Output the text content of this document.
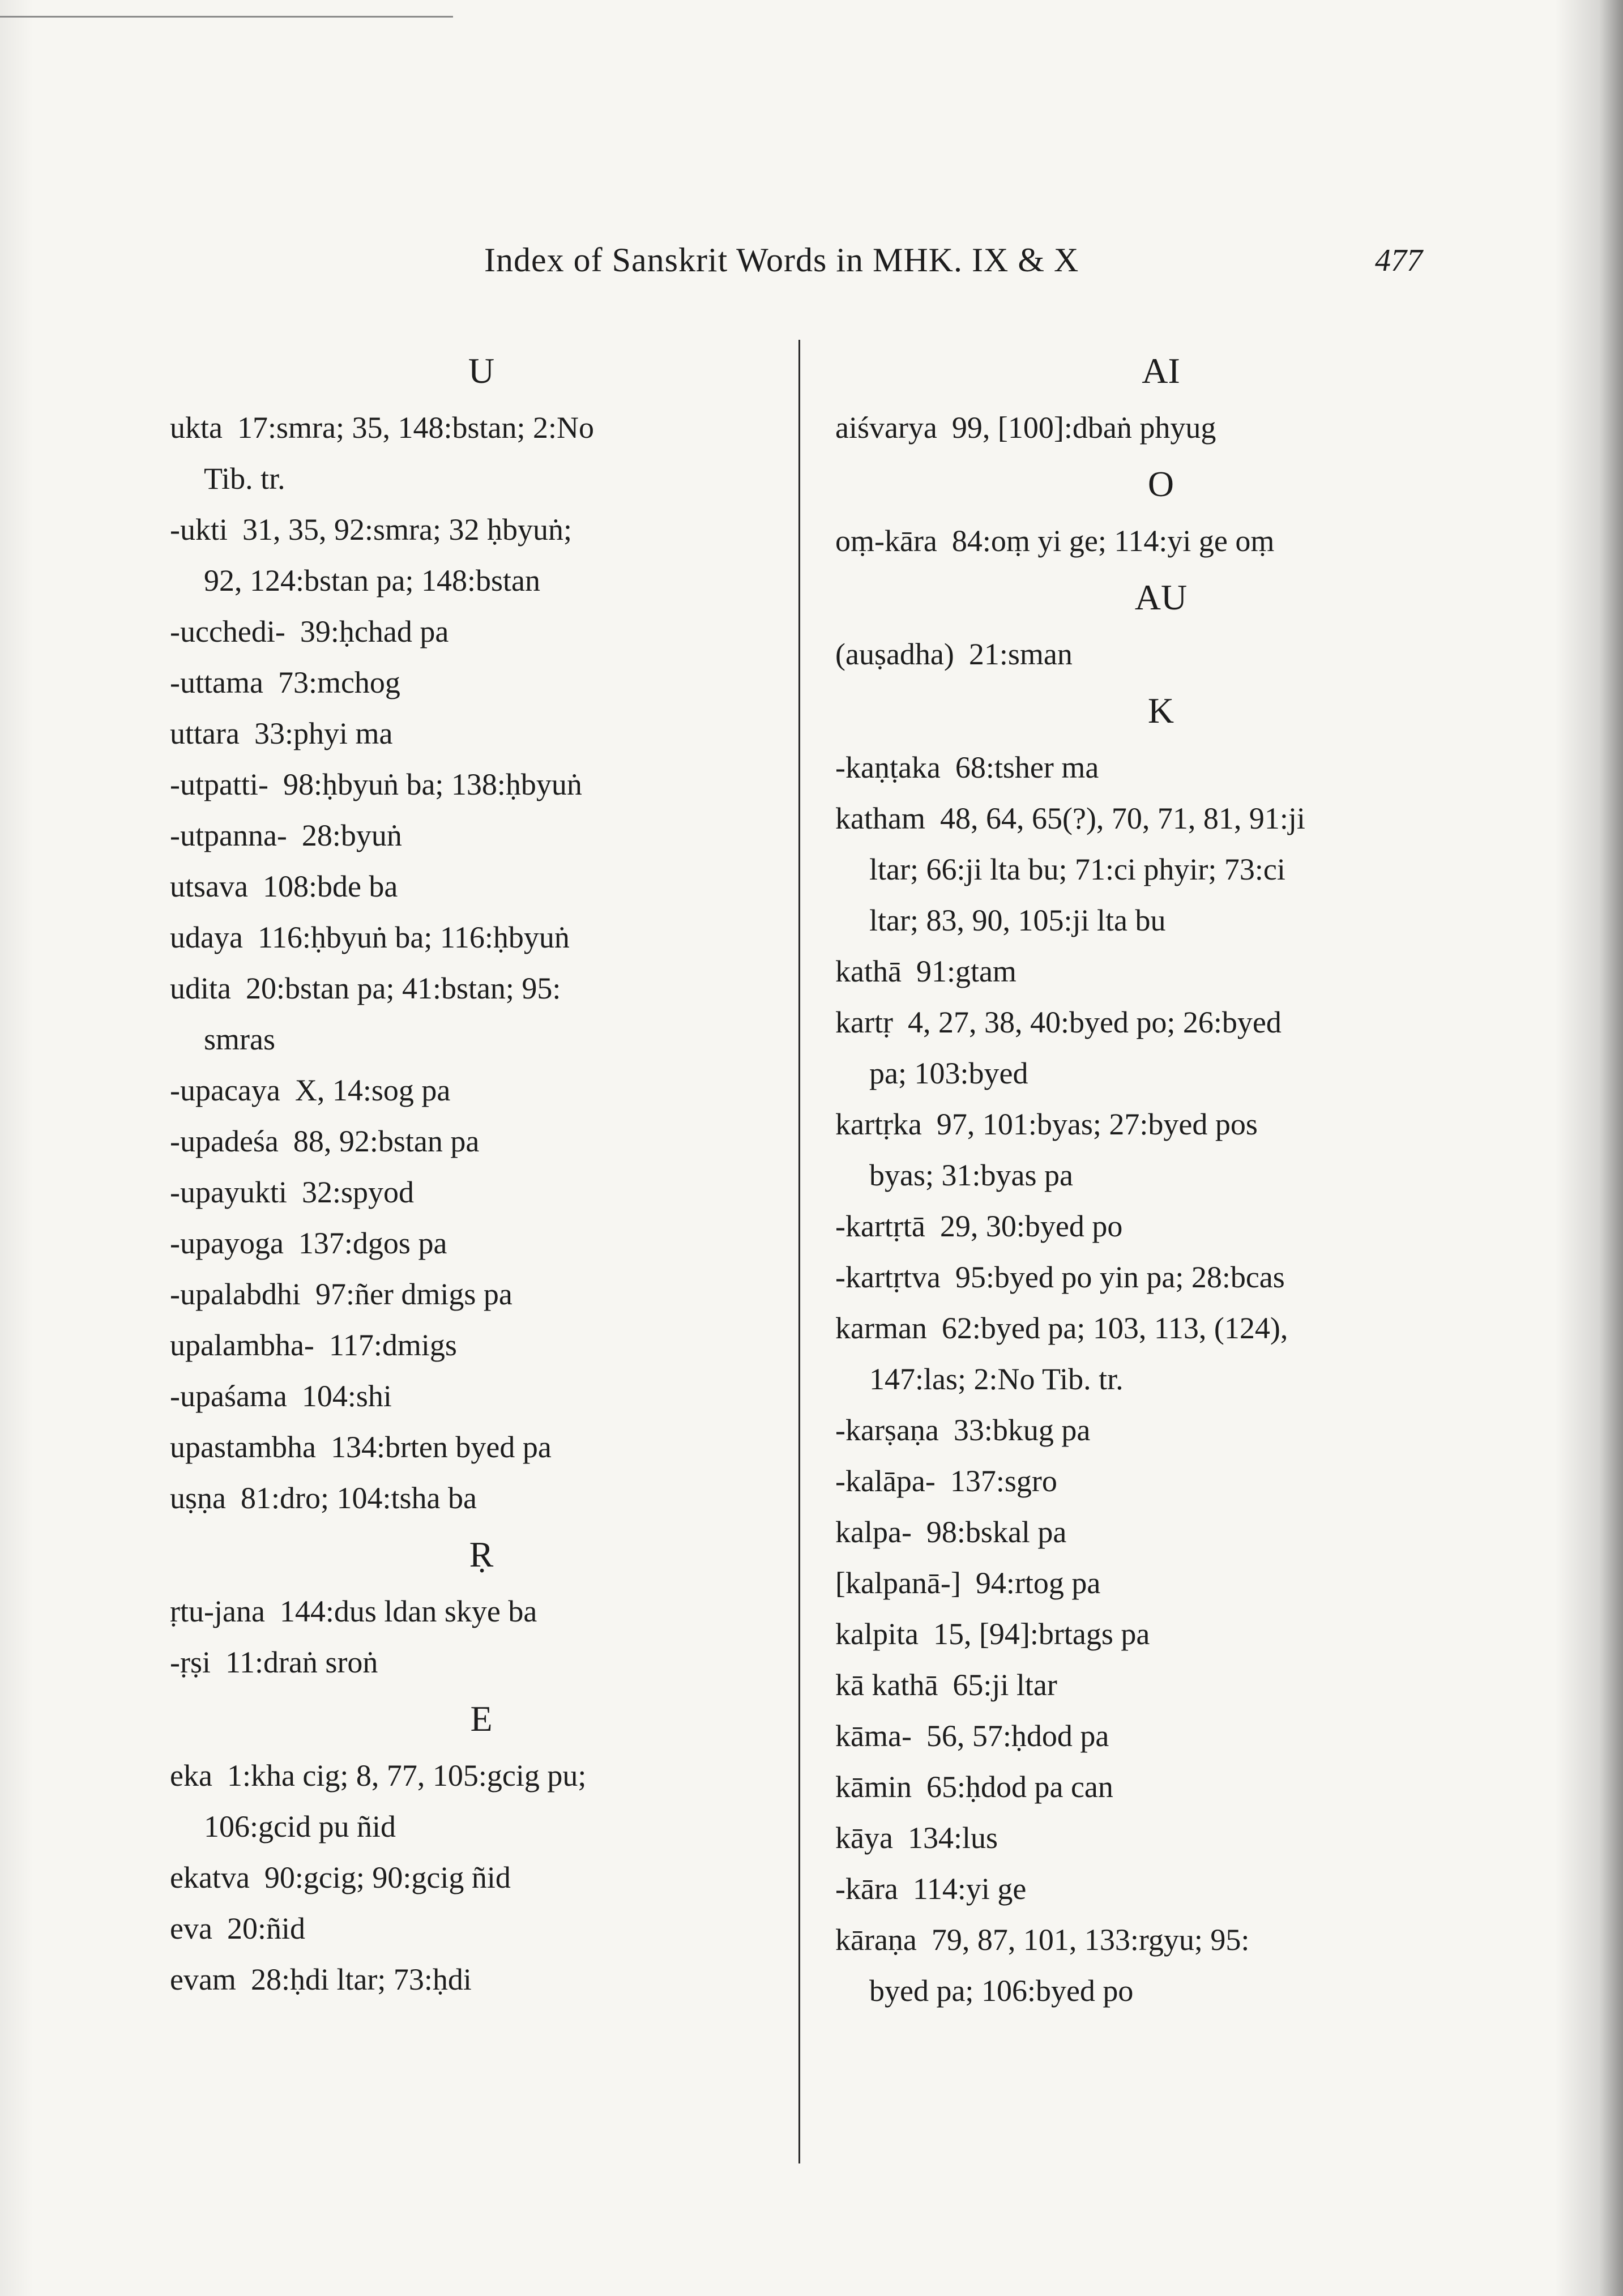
Index of Sanskrit Words in MHK. IX & X	477
U
ukta 17:smra; 35, 148:bstan; 2:No
Tib. tr.
-ukti 31, 35, 92:smra; 32 ḥbyuṅ;
92, 124:bstan pa; 148:bstan
-ucchedi- 39:ḥchad pa
-uttama 73:mchog
uttara 33:phyi ma
-utpatti- 98:ḥbyuṅ ba; 138:ḥbyuṅ
-utpanna- 28:byuṅ
utsava 108:bde ba
udaya 116:ḥbyuṅ ba; 116:ḥbyuṅ
udita 20:bstan pa; 41:bstan; 95:
smras
-upacaya X, 14:sog pa
-upadeśa 88, 92:bstan pa
-upayukti 32:spyod
-upayoga 137:dgos pa
-upalabdhi 97:ñer dmigs pa
upalambha- 117:dmigs
-upaśama 104:shi
upastambha 134:brten byed pa
uṣṇa 81:dro; 104:tsha ba
Ṛ
ṛtu-jana 144:dus ldan skye ba
-ṛṣi 11:draṅ sroṅ
E
eka 1:kha cig; 8, 77, 105:gcig pu;
106:gcid pu ñid
ekatva 90:gcig; 90:gcig ñid
eva 20:ñid
evam 28:ḥdi ltar; 73:ḥdi
AI
aiśvarya 99, [100]:dbaṅ phyug
O
oṃ-kāra 84:oṃ yi ge; 114:yi ge oṃ
AU
(auṣadha) 21:sman
K
-kaṇṭaka 68:tsher ma
katham 48, 64, 65(?), 70, 71, 81, 91:ji
ltar; 66:ji lta bu; 71:ci phyir; 73:ci
ltar; 83, 90, 105:ji lta bu
kathā 91:gtam
kartṛ 4, 27, 38, 40:byed po; 26:byed
pa; 103:byed
kartṛka 97, 101:byas; 27:byed pos
byas; 31:byas pa
-kartṛtā 29, 30:byed po
-kartṛtva 95:byed po yin pa; 28:bcas
karman 62:byed pa; 103, 113, (124),
147:las; 2:No Tib. tr.
-karṣaṇa 33:bkug pa
-kalāpa- 137:sgro
kalpa- 98:bskal pa
[kalpanā-] 94:rtog pa
kalpita 15, [94]:brtags pa
kā kathā 65:ji ltar
kāma- 56, 57:ḥdod pa
kāmin 65:ḥdod pa can
kāya 134:lus
-kāra 114:yi ge
kāraṇa 79, 87, 101, 133:rgyu; 95:
byed pa; 106:byed po
